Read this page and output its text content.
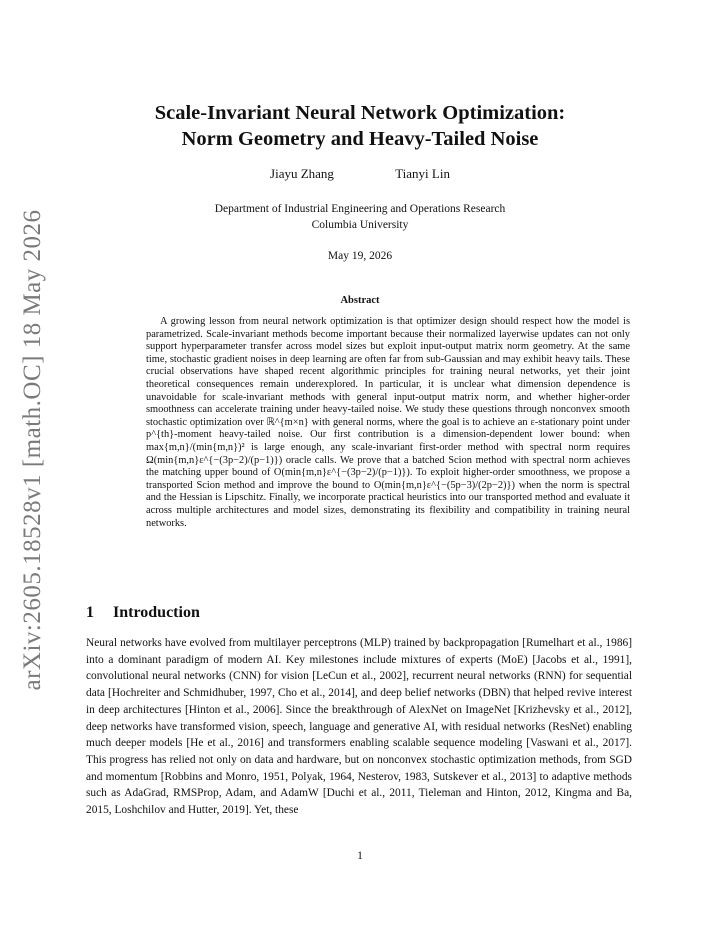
arXiv:2605.18528v1 [math.OC] 18 May 2026
Scale-Invariant Neural Network Optimization:
Norm Geometry and Heavy-Tailed Noise
Jiayu Zhang	Tianyi Lin
Department of Industrial Engineering and Operations Research
Columbia University
May 19, 2026
Abstract
A growing lesson from neural network optimization is that optimizer design should respect how the model is parametrized. Scale-invariant methods become important because their normalized layerwise updates can not only support hyperparameter transfer across model sizes but exploit input-output matrix norm geometry. At the same time, stochastic gradient noises in deep learning are often far from sub-Gaussian and may exhibit heavy tails. These crucial observations have shaped recent algorithmic principles for training neural networks, yet their joint theoretical consequences remain underexplored. In particular, it is unclear what dimension dependence is unavoidable for scale-invariant methods with general input-output matrix norm, and whether higher-order smoothness can accelerate training under heavy-tailed noise. We study these questions through nonconvex smooth stochastic optimization over ℝ^{m×n} with general norms, where the goal is to achieve an ε-stationary point under p^{th}-moment heavy-tailed noise. Our first contribution is a dimension-dependent lower bound: when max{m,n}/(min{m,n})² is large enough, any scale-invariant first-order method with spectral norm requires Ω(min{m,n}ε^{−(3p−2)/(p−1)}) oracle calls. We prove that a batched Scion method with spectral norm achieves the matching upper bound of O(min{m,n}ε^{−(3p−2)/(p−1)}). To exploit higher-order smoothness, we propose a transported Scion method and improve the bound to O(min{m,n}ε^{−(5p−3)/(2p−2)}) when the norm is spectral and the Hessian is Lipschitz. Finally, we incorporate practical heuristics into our transported method and evaluate it across multiple architectures and model sizes, demonstrating its flexibility and compatibility in training neural networks.
1 Introduction
Neural networks have evolved from multilayer perceptrons (MLP) trained by backpropagation [Rumelhart et al., 1986] into a dominant paradigm of modern AI. Key milestones include mixtures of experts (MoE) [Jacobs et al., 1991], convolutional neural networks (CNN) for vision [LeCun et al., 2002], recurrent neural networks (RNN) for sequential data [Hochreiter and Schmidhuber, 1997, Cho et al., 2014], and deep belief networks (DBN) that helped revive interest in deep architectures [Hinton et al., 2006]. Since the breakthrough of AlexNet on ImageNet [Krizhevsky et al., 2012], deep networks have transformed vision, speech, language and generative AI, with residual networks (ResNet) enabling much deeper models [He et al., 2016] and transformers enabling scalable sequence modeling [Vaswani et al., 2017]. This progress has relied not only on data and hardware, but on nonconvex stochastic optimization methods, from SGD and momentum [Robbins and Monro, 1951, Polyak, 1964, Nesterov, 1983, Sutskever et al., 2013] to adaptive methods such as AdaGrad, RMSProp, Adam, and AdamW [Duchi et al., 2011, Tieleman and Hinton, 2012, Kingma and Ba, 2015, Loshchilov and Hutter, 2019]. Yet, these
1
